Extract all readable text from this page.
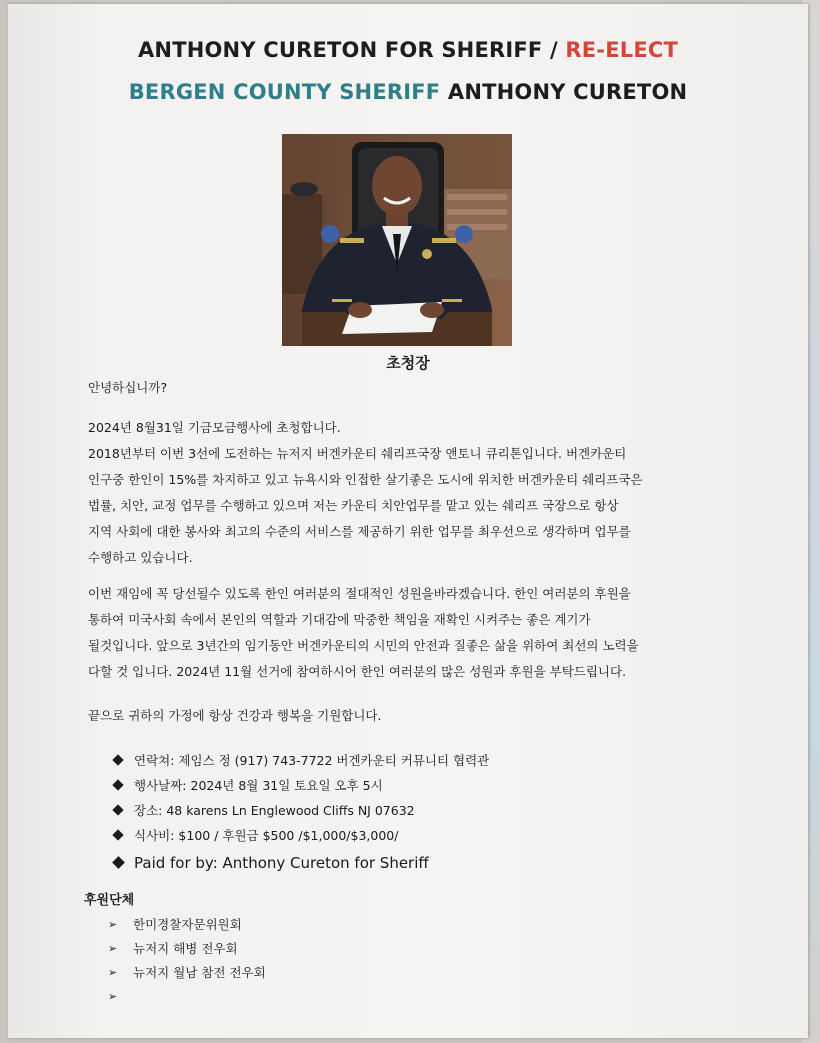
ANTHONY CURETON FOR SHERIFF / RE-ELECT
BERGEN COUNTY SHERIFF ANTHONY CURETON
초청장
안녕하십니까?
2024년 8월31일 기금모금행사에 초청합니다.
2018년부터 이번 3선에 도전하는 뉴저지 버겐카운티 쉐리프국장 앤토니 큐리톤입니다. 버겐카운티
인구중 한인이 15%를 차지하고 있고 뉴욕시와 인접한 살기좋은 도시에 위치한 버겐카운티 쉐리프국은
법률, 치안, 교정 업무를 수행하고 있으며 저는 카운티 치안업무를 맡고 있는 쉐리프 국장으로 항상
지역 사회에 대한 봉사와 최고의 수준의 서비스를 제공하기 위한 업무를 최우선으로 생각하며 업무를
수행하고 있습니다.
이번 재임에 꼭 당선될수 있도록 한인 여러분의 절대적인 성원을바라겠습니다. 한인 여러분의 후원을
통하여 미국사회 속에서 본인의 역할과 기대감에 막중한 책임을 재확인 시켜주는 좋은 계기가
될것입니다. 앞으로 3년간의 임기동안 버겐카운티의 시민의 안전과 질좋은 삶을 위하여 최선의 노력을
다할 것 입니다. 2024년 11월 선거에 참여하시어 한인 여러분의 많은 성원과 후원을 부탁드립니다.
끝으로 귀하의 가정에 항상 건강과 행복을 기원합니다.
연락쳐: 제임스 정 (917) 743-7722 버겐카운티 커뮤니티 협력관
행사날짜: 2024년 8월 31일 토요일 오후 5시
장소: 48 karens Ln Englewood Cliffs NJ 07632
식사비: $100 / 후원금 $500 /$1,000/$3,000/
Paid for by: Anthony Cureton for Sheriff
후원단체
➢ 한미경찰자문위원회
➢ 뉴저지 해병 전우회
➢ 뉴저지 월남 참전 전우회
➢
